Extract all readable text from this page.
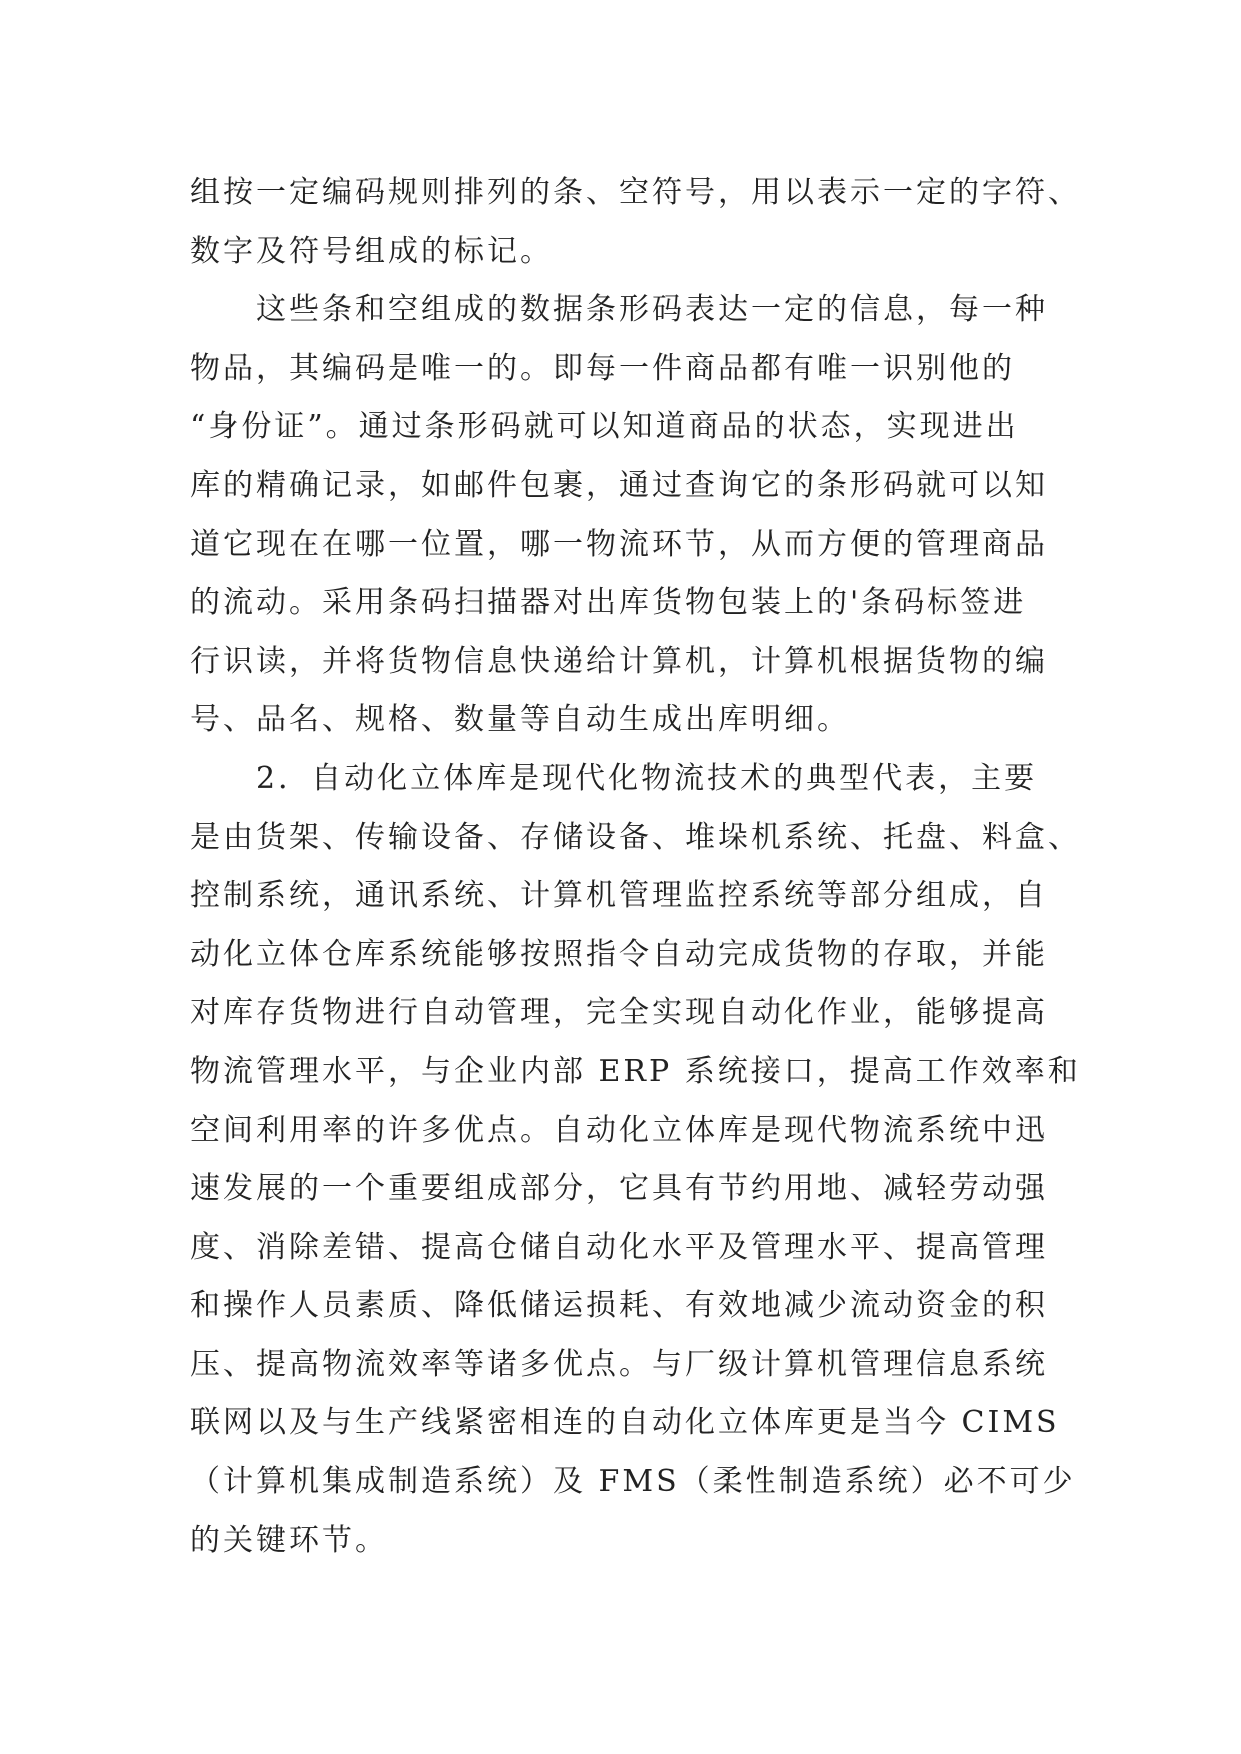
组按一定编码规则排列的条、空符号，用以表示一定的字符、
数字及符号组成的标记。
　　这些条和空组成的数据条形码表达一定的信息，每一种
物品，其编码是唯一的。即每一件商品都有唯一识别他的
“身份证”。通过条形码就可以知道商品的状态，实现进出
库的精确记录，如邮件包裹，通过查询它的条形码就可以知
道它现在在哪一位置，哪一物流环节，从而方便的管理商品
的流动。采用条码扫描器对出库货物包装上的'条码标签进
行识读，并将货物信息快递给计算机，计算机根据货物的编
号、品名、规格、数量等自动生成出库明细。
　　2．自动化立体库是现代化物流技术的典型代表，主要
是由货架、传输设备、存储设备、堆垛机系统、托盘、料盒、
控制系统，通讯系统、计算机管理监控系统等部分组成，自
动化立体仓库系统能够按照指令自动完成货物的存取，并能
对库存货物进行自动管理，完全实现自动化作业，能够提高
物流管理水平，与企业内部 ERP 系统接口，提高工作效率和
空间利用率的许多优点。自动化立体库是现代物流系统中迅
速发展的一个重要组成部分，它具有节约用地、减轻劳动强
度、消除差错、提高仓储自动化水平及管理水平、提高管理
和操作人员素质、降低储运损耗、有效地减少流动资金的积
压、提高物流效率等诸多优点。与厂级计算机管理信息系统
联网以及与生产线紧密相连的自动化立体库更是当今 CIMS
（计算机集成制造系统）及 FMS（柔性制造系统）必不可少
的关键环节。
